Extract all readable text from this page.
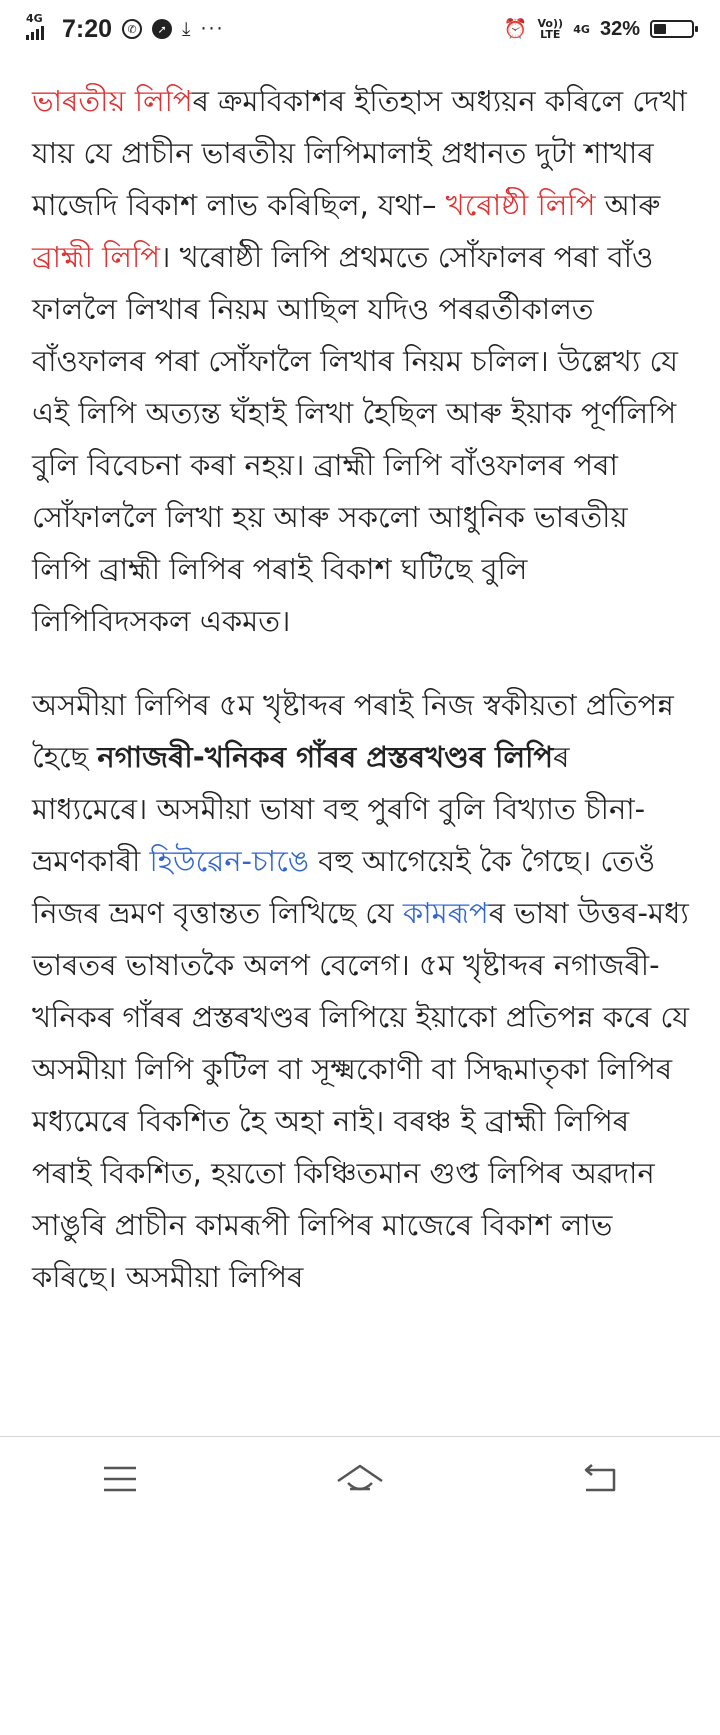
4G 7:20	✆	➚ ⤓ ···	⏰ Vo)) LTE 4G 32%

ভাৰতীয় লিপিৰ ক্ৰমবিকাশৰ ইতিহাস অধ্যয়ন কৰিলে দেখা যায় যে প্ৰাচীন ভাৰতীয় লিপিমালাই প্ৰধানত দুটা শাখাৰ মাজেদি বিকাশ লাভ কৰিছিল, যথা– খৰোষ্ঠী লিপি আৰু ব্ৰাহ্মী লিপি। খৰোষ্ঠী লিপি প্ৰথমতে সোঁফালৰ পৰা বাঁও ফাললৈ লিখাৰ নিয়ম আছিল যদিও পৰৱৰ্তীকালত বাঁওফালৰ পৰা সোঁফালৈ লিখাৰ নিয়ম চলিল। উল্লেখ্য যে এই লিপি অত্যন্ত ঘঁহাই লিখা হৈছিল আৰু ইয়াক পূৰ্ণলিপি বুলি বিবেচনা কৰা নহয়। ব্ৰাহ্মী লিপি বাঁওফালৰ পৰা সোঁফাললৈ লিখা হয় আৰু সকলো আধুনিক ভাৰতীয় লিপি ব্ৰাহ্মী লিপিৰ পৰাই বিকাশ ঘটিছে বুলি লিপিবিদসকল একমত।

অসমীয়া লিপিৰ ৫ম খৃষ্টাব্দৰ পৰাই নিজ স্বকীয়তা প্ৰতিপন্ন হৈছে নগাজৰী-খনিকৰ গাঁৰৰ প্ৰস্তৰখণ্ডৰ লিপিৰ মাধ্যমেৰে। অসমীয়া ভাষা বহু পুৰণি বুলি বিখ্যাত চীনা-ভ্ৰমণকাৰী হিউৱেন-চাঙে বহু আগেয়েই কৈ গৈছে। তেওঁ নিজৰ ভ্ৰমণ বৃত্তান্তত লিখিছে যে কামৰূপৰ ভাষা উত্তৰ-মধ্য ভাৰতৰ ভাষাতকৈ অলপ বেলেগ। ৫ম খৃষ্টাব্দৰ নগাজৰী-খনিকৰ গাঁৰৰ প্ৰস্তৰখণ্ডৰ লিপিয়ে ইয়াকো প্ৰতিপন্ন কৰে যে অসমীয়া লিপি কুটিল বা সূক্ষ্মকোণী বা সিদ্ধমাতৃকা লিপিৰ মধ্যমেৰে বিকশিত হৈ অহা নাই। বৰঞ্চ ই ব্ৰাহ্মী লিপিৰ পৰাই বিকশিত, হয়তো কিঞ্চিতমান গুপ্ত লিপিৰ অৱদান সাঙুৰি প্ৰাচীন কামৰূপী লিপিৰ মাজেৰে বিকাশ লাভ কৰিছে। অসমীয়া লিপিৰ
